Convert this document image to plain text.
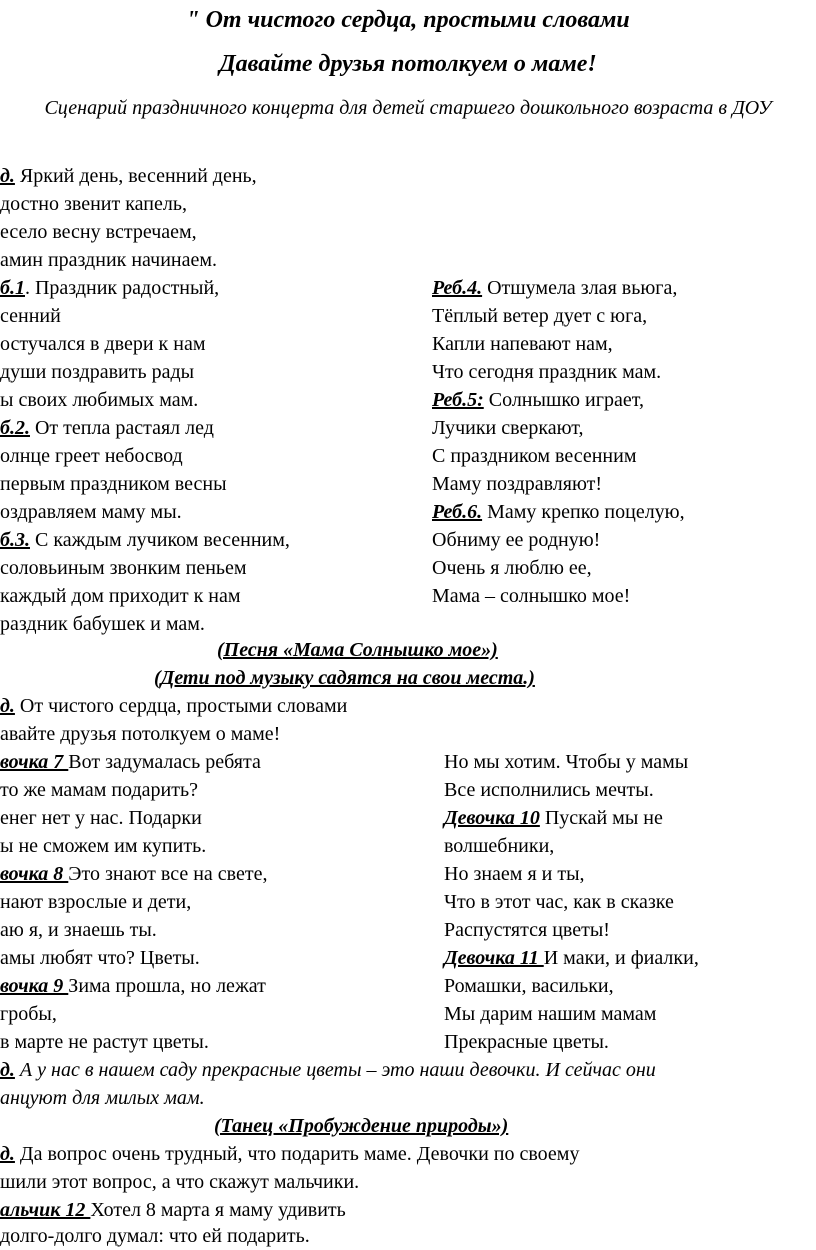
" От чистого сердца, простыми словами
Давайте друзья потолкуем о маме!
Сценарий праздничного концерта для детей старшего дошкольного возраста в ДОУ
д. Яркий день, весенний день,
достно звенит капель,
есело весну встречаем,
амин праздник начинаем.
б.1. Праздник радостный,
сенний
остучался в двери к нам
души поздравить рады
ы своих любимых мам.
б.2. От тепла растаял лед
олнце греет небосвод
первым праздником весны
оздравляем маму мы.
б.3. С каждым лучиком весенним,
соловьиным звонким пеньем
каждый дом приходит к нам
раздник бабушек и мам.
Реб.4. Отшумела злая вьюга,
Тёплый ветер дует с юга,
Капли напевают нам,
Что сегодня праздник мам.
Реб.5: Солнышко играет,
Лучики сверкают,
С праздником весенним
Маму поздравляют!
Реб.6. Маму крепко поцелую,
Обниму ее родную!
Очень я люблю ее,
Мама – солнышко мое!
(Песня «Мама Солнышко мое»)
(Дети под музыку садятся на свои места.)
д. От чистого сердца, простыми словами
авайте друзья потолкуем о маме!
вочка 7 Вот задумалась ребята
то же мамам подарить?
енег нет у нас. Подарки
ы не сможем им купить.
вочка 8 Это знают все на свете,
нают взрослые и дети,
аю я, и знаешь ты.
амы любят что? Цветы.
вочка 9 Зима прошла, но лежат
гробы,
в марте не растут цветы.
Но мы хотим. Чтобы у мамы
Все исполнились мечты.
Девочка 10 Пускай мы не
волшебники,
Но знаем я и ты,
Что в этот час, как в сказке
Распустятся цветы!
Девочка 11 И маки, и фиалки,
Ромашки, васильки,
Мы дарим нашим мамам
Прекрасные цветы.
д. А у нас в нашем саду прекрасные цветы – это наши девочки. И сейчас они
анцуют для милых мам.
(Танец «Пробуждение природы»)
д. Да вопрос очень трудный, что подарить маме. Девочки по своему
шили этот вопрос, а что скажут мальчики.
альчик 12 Хотел 8 марта я маму удивить
долго-долго думал: что ей подарить.
